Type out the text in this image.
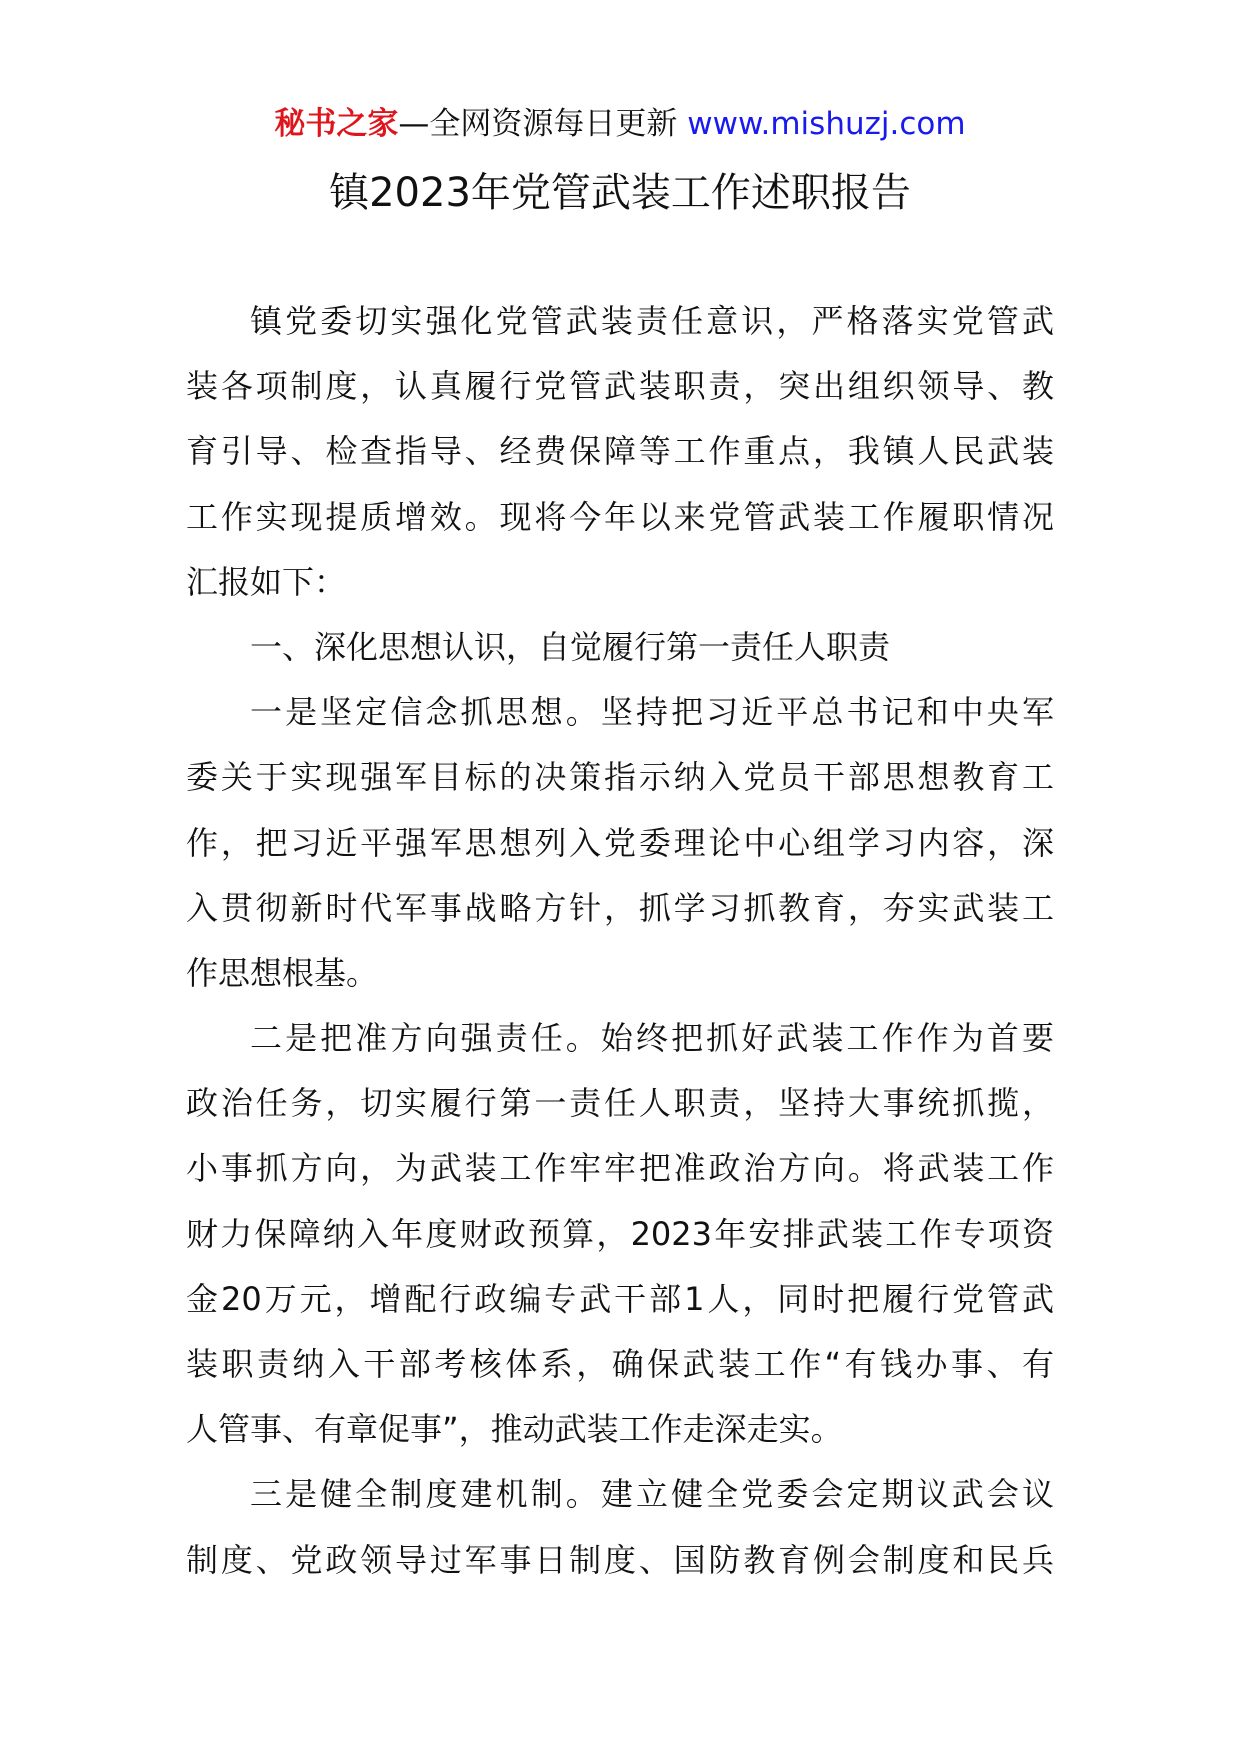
秘书之家—全网资源每日更新 www.mishuzj.com
镇2023年党管武装工作述职报告
镇党委切实强化党管武装责任意识，严格落实党管武
装各项制度，认真履行党管武装职责，突出组织领导、教
育引导、检查指导、经费保障等工作重点，我镇人民武装
工作实现提质增效。现将今年以来党管武装工作履职情况
汇报如下：
一、深化思想认识，自觉履行第一责任人职责
一是坚定信念抓思想。坚持把习近平总书记和中央军
委关于实现强军目标的决策指示纳入党员干部思想教育工
作，把习近平强军思想列入党委理论中心组学习内容，深
入贯彻新时代军事战略方针，抓学习抓教育，夯实武装工
作思想根基。
二是把准方向强责任。始终把抓好武装工作作为首要
政治任务，切实履行第一责任人职责，坚持大事统抓揽，
小事抓方向，为武装工作牢牢把准政治方向。将武装工作
财力保障纳入年度财政预算，2023年安排武装工作专项资
金20万元，增配行政编专武干部1人，同时把履行党管武
装职责纳入干部考核体系，确保武装工作“有钱办事、有
人管事、有章促事”，推动武装工作走深走实。
三是健全制度建机制。建立健全党委会定期议武会议
制度、党政领导过军事日制度、国防教育例会制度和民兵
